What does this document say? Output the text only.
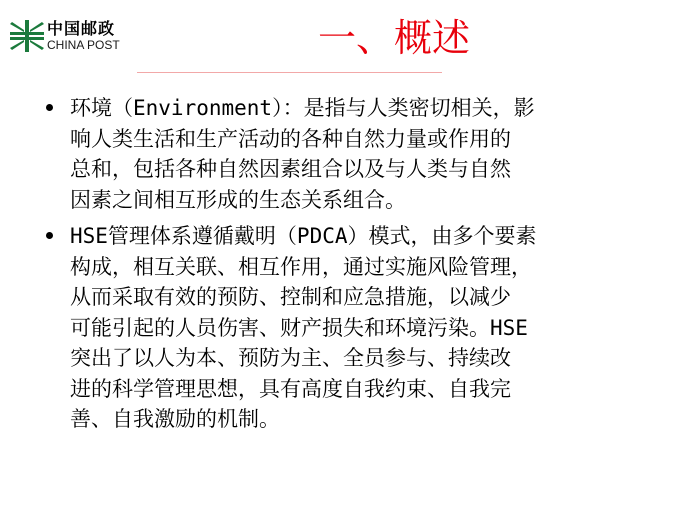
中国邮政
CHINA POST	一、概述
环境（Environment）：是指与人类密切相关，影
响人类生活和生产活动的各种自然力量或作用的
总和，包括各种自然因素组合以及与人类与自然
因素之间相互形成的生态关系组合。
HSE管理体系遵循戴明（PDCA）模式，由多个要素
构成，相互关联、相互作用，通过实施风险管理，
从而采取有效的预防、控制和应急措施，以减少
可能引起的人员伤害、财产损失和环境污染。HSE
突出了以人为本、预防为主、全员参与、持续改
进的科学管理思想，具有高度自我约束、自我完
善、自我激励的机制。
